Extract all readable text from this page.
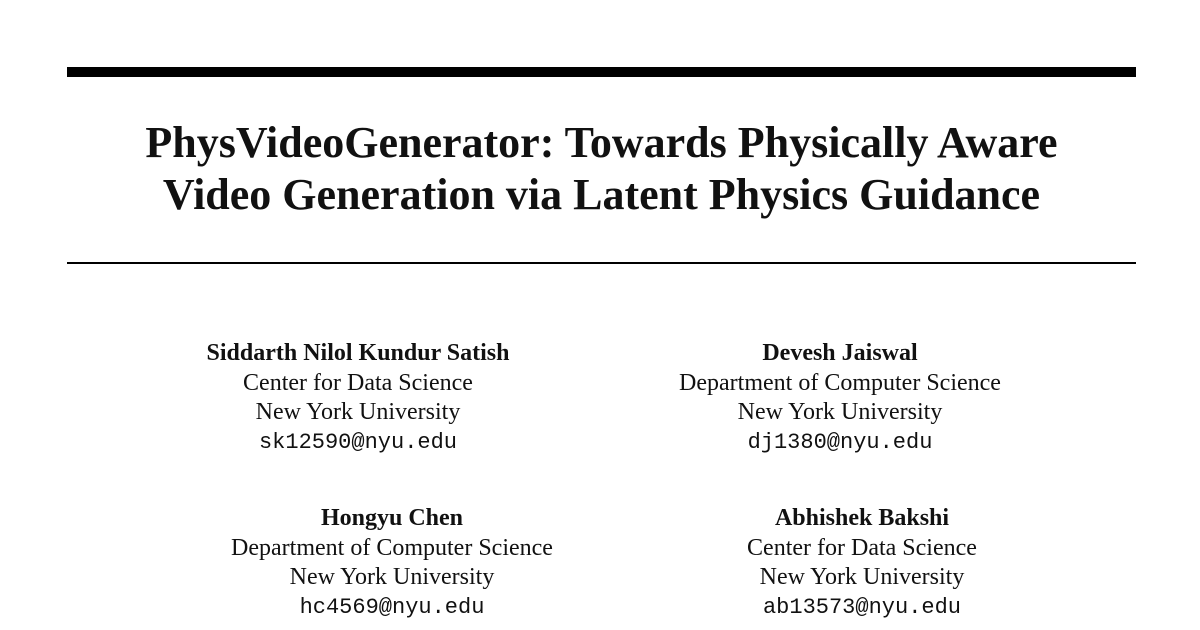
PhysVideoGenerator: Towards Physically Aware
Video Generation via Latent Physics Guidance
Siddarth Nilol Kundur Satish
Center for Data Science
New York University
sk12590@nyu.edu
Devesh Jaiswal
Department of Computer Science
New York University
dj1380@nyu.edu
Hongyu Chen
Department of Computer Science
New York University
hc4569@nyu.edu
Abhishek Bakshi
Center for Data Science
New York University
ab13573@nyu.edu
